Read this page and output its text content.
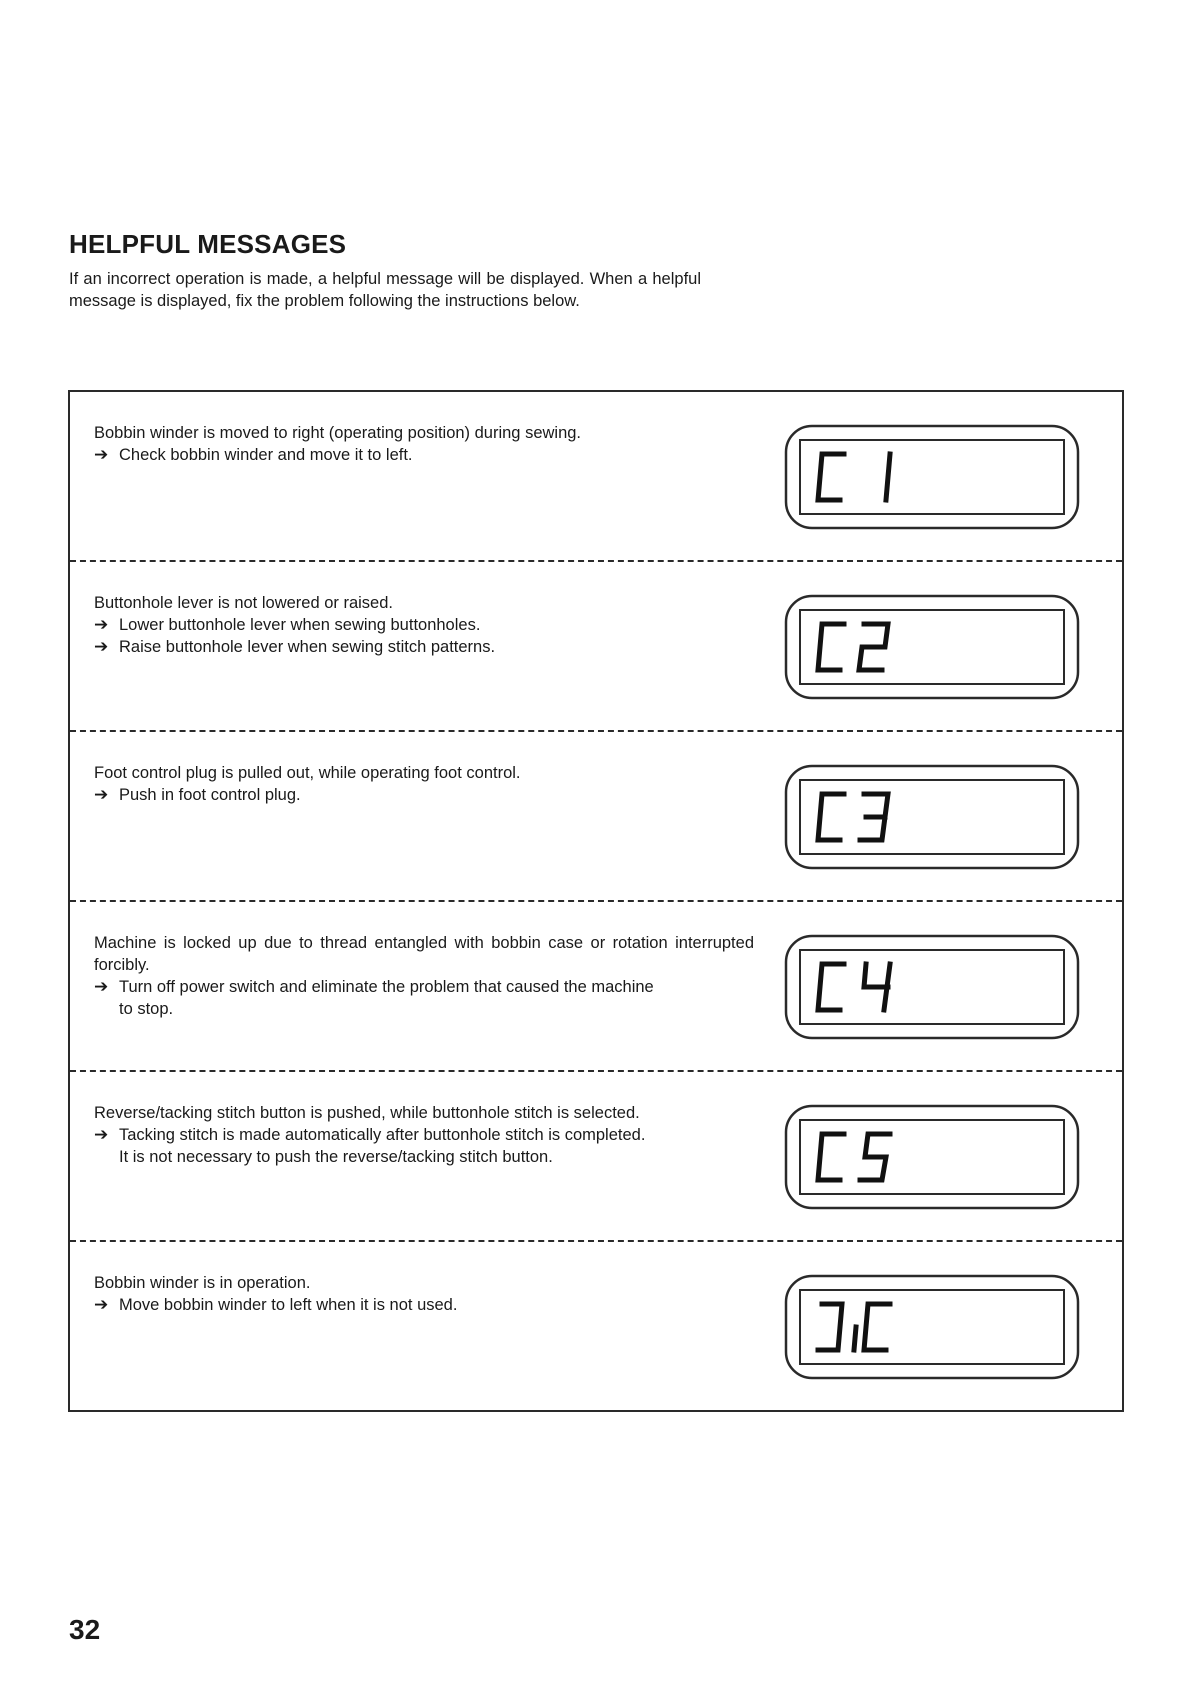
HELPFUL MESSAGES

If an incorrect operation is made, a helpful message will be displayed. When a helpful message is displayed, fix the problem following the instructions below.

Bobbin winder is moved to right (operating position) during sewing.
➔ Check bobbin winder and move it to left.
Buttonhole lever is not lowered or raised.
➔ Lower buttonhole lever when sewing buttonholes.
➔ Raise buttonhole lever when sewing stitch patterns.
Foot control plug is pulled out, while operating foot control.
➔ Push in foot control plug.
Machine is locked up due to thread entangled with bobbin case or rotation interrupted forcibly.
➔ Turn off power switch and eliminate the problem that caused the machine
to stop.
Reverse/tacking stitch button is pushed, while buttonhole stitch is selected.
➔ Tacking stitch is made automatically after buttonhole stitch is completed.
It is not necessary to push the reverse/tacking stitch button.
Bobbin winder is in operation.
➔ Move bobbin winder to left when it is not used.

32
